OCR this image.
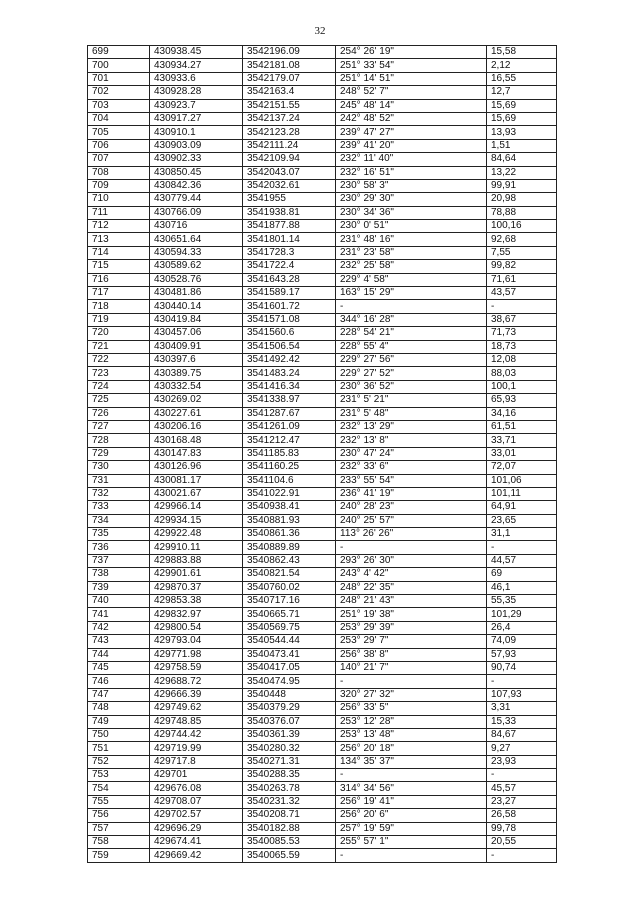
32
699	430938.45	3542196.09	254° 26' 19"	15,58
700	430934.27	3542181.08	251° 33' 54"	2,12
701	430933.6	3542179.07	251° 14' 51"	16,55
702	430928.28	3542163.4	248° 52' 7"	12,7
703	430923.7	3542151.55	245° 48' 14"	15,69
704	430917.27	3542137.24	242° 48' 52"	15,69
705	430910.1	3542123.28	239° 47' 27"	13,93
706	430903.09	3542111.24	239° 41' 20"	1,51
707	430902.33	3542109.94	232° 11' 40"	84,64
708	430850.45	3542043.07	232° 16' 51"	13,22
709	430842.36	3542032.61	230° 58' 3"	99,91
710	430779.44	3541955	230° 29' 30"	20,98
711	430766.09	3541938.81	230° 34' 36"	78,88
712	430716	3541877.88	230° 0' 51"	100,16
713	430651.64	3541801.14	231° 48' 16"	92,68
714	430594.33	3541728.3	231° 23' 58"	7,55
715	430589.62	3541722.4	232° 25' 58"	99,82
716	430528.76	3541643.28	229° 4' 58"	71,61
717	430481.86	3541589.17	163° 15' 29"	43,57
718	430440.14	3541601.72	-	-
719	430419.84	3541571.08	344° 16' 28"	38,67
720	430457.06	3541560.6	228° 54' 21"	71,73
721	430409.91	3541506.54	228° 55' 4"	18,73
722	430397.6	3541492.42	229° 27' 56"	12,08
723	430389.75	3541483.24	229° 27' 52"	88,03
724	430332.54	3541416.34	230° 36' 52"	100,1
725	430269.02	3541338.97	231° 5' 21"	65,93
726	430227.61	3541287.67	231° 5' 48"	34,16
727	430206.16	3541261.09	232° 13' 29"	61,51
728	430168.48	3541212.47	232° 13' 8"	33,71
729	430147.83	3541185.83	230° 47' 24"	33,01
730	430126.96	3541160.25	232° 33' 6"	72,07
731	430081.17	3541104.6	233° 55' 54"	101,06
732	430021.67	3541022.91	236° 41' 19"	101,11
733	429966.14	3540938.41	240° 28' 23"	64,91
734	429934.15	3540881.93	240° 25' 57"	23,65
735	429922.48	3540861.36	113° 26' 26"	31,1
736	429910.11	3540889.89	-	-
737	429883.88	3540862.43	293° 26' 30"	44,57
738	429901.61	3540821.54	243° 4' 42"	69
739	429870.37	3540760.02	248° 22' 35"	46,1
740	429853.38	3540717.16	248° 21' 43"	55,35
741	429832.97	3540665.71	251° 19' 38"	101,29
742	429800.54	3540569.75	253° 29' 39"	26,4
743	429793.04	3540544.44	253° 29' 7"	74,09
744	429771.98	3540473.41	256° 38' 8"	57,93
745	429758.59	3540417.05	140° 21' 7"	90,74
746	429688.72	3540474.95	-	-
747	429666.39	3540448	320° 27' 32"	107,93
748	429749.62	3540379.29	256° 33' 5"	3,31
749	429748.85	3540376.07	253° 12' 28"	15,33
750	429744.42	3540361.39	253° 13' 48"	84,67
751	429719.99	3540280.32	256° 20' 18"	9,27
752	429717.8	3540271.31	134° 35' 37"	23,93
753	429701	3540288.35	-	-
754	429676.08	3540263.78	314° 34' 56"	45,57
755	429708.07	3540231.32	256° 19' 41"	23,27
756	429702.57	3540208.71	256° 20' 6"	26,58
757	429696.29	3540182.88	257° 19' 59"	99,78
758	429674.41	3540085.53	255° 57' 1"	20,55
759	429669.42	3540065.59	-	-
